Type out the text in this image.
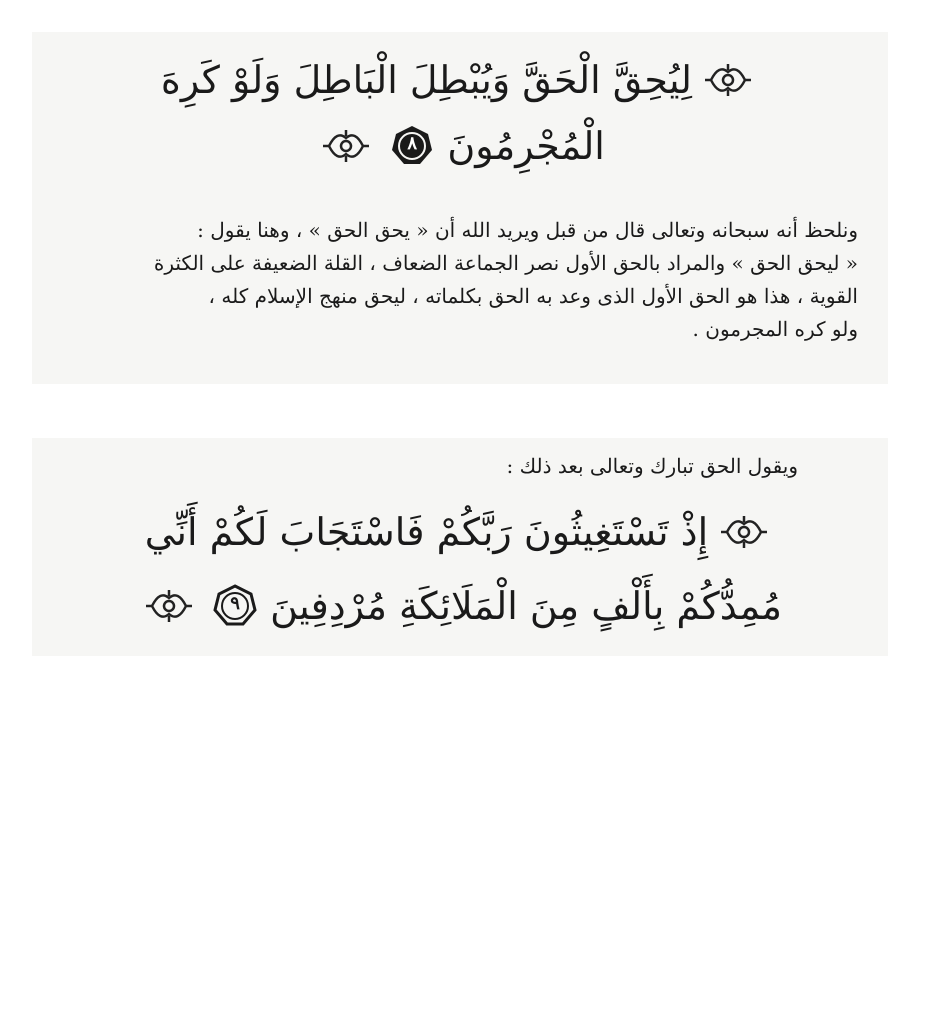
لِيُحِقَّ الْحَقَّ وَيُبْطِلَ الْبَاطِلَ وَلَوْ كَرِهَ
الْمُجْرِمُونَ
٨

ونلحظ أنه سبحانه وتعالى قال من قبل ويريد الله أن « يحق الحق » ، وهنا يقول :

« ليحق الحق » والمراد بالحق الأول نصر الجماعة الضعاف ، القلة الضعيفة على الكثرة

القوية ، هذا هو الحق الأول الذى وعد به الحق بكلماته ، ليحق منهج الإسلام كله ،

ولو كره المجرمون .

ويقول الحق تبارك وتعالى بعد ذلك :
إِذْ تَسْتَغِيثُونَ رَبَّكُمْ فَاسْتَجَابَ لَكُمْ أَنِّي
مُمِدُّكُمْ بِأَلْفٍ مِنَ الْمَلَائِكَةِ مُرْدِفِينَ
٩
